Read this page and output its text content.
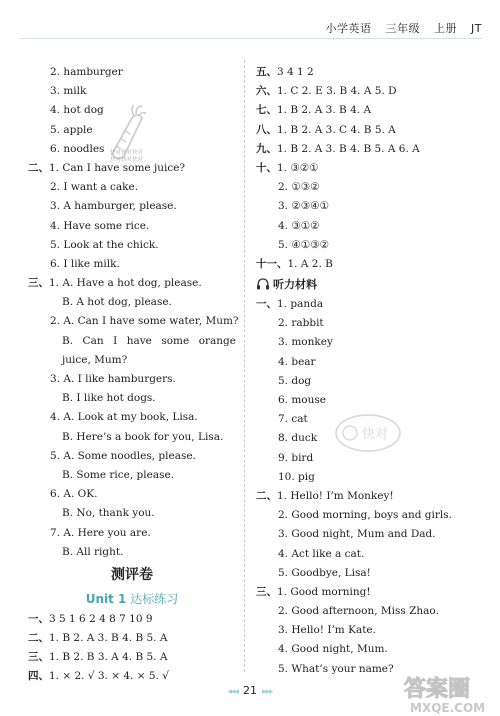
小学英语 三年级 上册 JT
快对快对快对
快对快对快对
2. hamburger
3. milk
4. hot dog
5. apple
6. noodles
二、1. Can I have some juice?
2. I want a cake.
3. A hamburger, please.
4. Have some rice.
5. Look at the chick.
6. I like milk.
三、1. A. Have a hot dog, please.
B. A hot dog, please.
2. A. Can I have some water, Mum?
B. Can I have some orange
juice, Mum?
3. A. I like hamburgers.
B. I like hot dogs.
4. A. Look at my book, Lisa.
B. Here’s a book for you, Lisa.
5. A. Some noodles, please.
B. Some rice, please.
6. A. OK.
B. No, thank you.
7. A. Here you are.
B. All right.
测评卷
Unit 1 达标练习
一、3 5 1 6 2 4 8 7 10 9
二、1. B 2. A 3. B 4. B 5. A
三、1. B 2. B 3. A 4. B 5. A
四、1. × 2. √ 3. × 4. × 5. √
五、3 4 1 2
六、1. C 2. E 3. B 4. A 5. D
七、1. B 2. A 3. B 4. A
八、1. B 2. A 3. C 4. B 5. A
九、1. B 2. A 3. B 4. B 5. A 6. A
十、1. ③②①
2. ①③②
3. ②③④①
4. ③①②
5. ④①③②
十一、1. A 2. B
听力材料
一、1. panda
2. rabbit
3. monkey
4. bear
5. dog
6. mouse
7. cat
8. duck
9. bird
10. pig
二、1. Hello! I’m Monkey!
2. Good morning, boys and girls.
3. Good night, Mum and Dad.
4. Act like a cat.
5. Goodbye, Lisa!
三、1. Good morning!
2. Good afternoon, Miss Zhao.
3. Hello! I’m Kate.
4. Good night, Mum.
5. What’s your name?
快对
◂◂◂ 21 ▸▸▸	答案圈
MXQE.COM
